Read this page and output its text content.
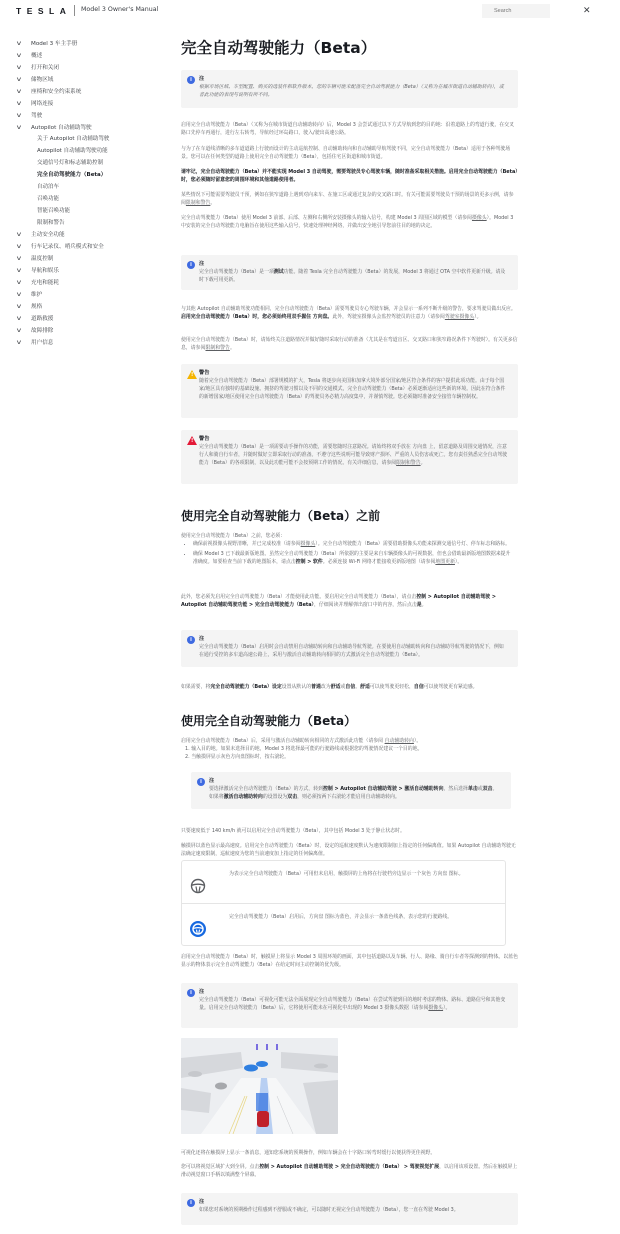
TESLA Model 3 Owner's Manual
Search	✕
v Model 3 车主手册
v 概述
v 打开和关闭
v 储物区域
v 座椅和安全约束系统
v 网络连接
v 驾驶
v Autopilot 自动辅助驾驶
关于 Autopilot 自动辅助驾驶
Autopilot 自动辅助驾驶功能
交通信号灯和标志辅助控制
完全自动驾驶能力（Beta）
自动泊车
召唤功能
智能召唤功能
限制和警告
v 主动安全功能
v 行车记录仪、哨兵模式和安全
v 温度控制
v 导航和娱乐
v 充电和能耗
v 维护
v 规格
v 道路救援
v 故障排除
v 用户信息
完全自动驾驶能力（Beta）
i	注
根据市场区域、车型配置、购买的选装件和软件版本，您的车辆可能未配备完全自动驾驶能力（Beta）（又称为在城市街道自动辅助转向），或者此功能的表现与说明有所不同。

启用完全自动驾驶能力（Beta）（又称为在城市街道自动辅助转向）后，Model 3 会尝试通过以下方式导航到您的目的地：沿着道路上的弯道行驶，在交叉路口先停车再通行，进行左右转弯，导航经过环岛路口，驶入/驶出高速公路。

与为了在车道线清晰的多车道道路上行驶而设计的主动巡航控制、自动辅助转向和自动辅助导航驾驶不同，完全自动驾驶能力（Beta）适用于各种驾驶场景。您可以在任何类型的道路上使用完全自动驾驶能力（Beta），包括住宅区街道和城市街道。

请牢记，完全自动驾驶能力（Beta）并不能实现 Model 3 自动驾驶，需要驾驶员专心驾驶车辆，随时准备采取相关措施。启用完全自动驾驶能力（Beta）时，您必须随时留意您的周围环境和其他道路使用者。

某些情况下可能需要驾驶员干预，例如在狭窄道路上遇到对向来车、在施工区或通过复杂的交叉路口时。有关可能需要驾驶员干预的场景的更多示例，请参阅限制和警告。

完全自动驾驶能力（Beta）使用 Model 3 前部、后部、左侧和右侧所安装摄像头的输入信号，构建 Model 3 周围区域的模型（请参阅摄像头）。Model 3 中安装的完全自动驾驶能力电脑旨在使用这些输入信号，快速处理神经网络，并做出安全地引导您前往目的地的决定。

i	注
完全自动驾驶能力（Beta）是一项测试功能。随着 Tesla 完全自动驾驶能力（Beta）的发展，Model 3 将通过 OTA 空中软件更新升级。请及时下载可用更新。

与其他 Autopilot 自动辅助驾驶功能相同，完全自动驾驶能力（Beta）需要驾驶员专心驾驶车辆，并会显示一系列不断升级的警告，要求驾驶员做出反应。启用完全自动驾驶能力（Beta）时，您必须始终用双手握住 方向盘。此外，驾驶室摄像头会监控驾驶员的注意力（请参阅驾驶室摄像头）。

使用完全自动驾驶能力（Beta）时，请始终关注道路情况并做好随时采取行动的准备（尤其是在弯道盲区、交叉路口和狭窄路况条件下驾驶时）。有关更多信息，请参阅限制和警告。

! 警告
随着完全自动驾驶能力（Beta）部署规模的扩大，Tesla 将逐步向美国和加拿大境外部分国家/地区符合条件的客户提供此项功能。由于每个国家/地区具有独特的基础设施、拥挤的驾驶习惯以及不同的交通模式，完全自动驾驶能力（Beta）必须逐渐适应这些新的环境。因此在符合条件的新增国家/地区使用完全自动驾驶能力（Beta）的驾驶员务必精力高度集中，并谨慎驾驶。您必须随时准备安全接管车辆控制权。
! 警告
完全自动驾驶能力（Beta）是一项需要动手操作的功能，需要您随时注意路况。请始终将双手放在 方向盘 上，留意道路及周围交通情况，注意行人和骑自行车者，并随时做好立即采取行动的准备。不遵守这些说明可能导致财产损坏、严重的人员伤害或死亡。您有责任熟悉完全自动驾驶能力（Beta）的各项限制，以及此功能可能不会按预期工作的情况。有关详细信息，请参阅限制和警告。
使用完全自动驾驶能力（Beta）之前

使用完全自动驾驶能力（Beta）之前，您必须：

• 确保前视摄像头视野清晰，并已完成校准（请参阅摄像头）。完全自动驾驶能力（Beta）需要借助摄像头功能来探测交通信号灯、停车标志和路标。
• 确保 Model 3 已下载最新版地图。虽然完全自动驾驶能力（Beta）所依据的主要是来自车辆摄像头的可视数据，但也会借助最新版地图数据来提升准确度。如要检查当前下载的地图版本，请点击控制 > 软件。必须连接 Wi-Fi 网络才能接收更新版地图（请参阅地图更新）。

此外，您必须先启用完全自动驾驶能力（Beta）才能使用此功能。要启用完全自动驾驶能力（Beta），请点击控制 > Autopilot 自动辅助驾驶 > Autopilot 自动辅助驾驶功能 > 完全自动驾驶能力（Beta），仔细阅读并理解弹出窗口中的内容，然后点击是。

i	注
完全自动驾驶能力（Beta）启用时会自动禁用自动辅助转向和自动辅助导航驾驶。在要使用自动辅助转向和自动辅助导航驾驶的情况下，例如在通行受控的多车道高速公路上，采用与激活自动辅助转向相同的方式激活完全自动驾驶能力（Beta）。

如果需要，将完全自动驾驶能力（Beta）设定设置从默认的普通改为舒适或自信。舒适可以使驾驶更轻松，自信可以使驾驶更有紧迫感。

使用完全自动驾驶能力（Beta）

启用完全自动驾驶能力（Beta）后，采用与激活自动辅助转向相同的方式激活此功能（请参阅 自动辅助转向）。

1. 输入目的地。如果未选择目的地，Model 3 将选择最可能的行驶路线或根据您的驾驶情况建议一个目的地。

2. 当触摸屏显示灰色方向盘图标时，按右滚轮。

i	注
要选择激活完全自动驾驶能力（Beta）的方式，转到控制 > Autopilot 自动辅助驾驶 > 激活自动辅助转向，然后选择单击或双击。如果将激活自动辅助转向的设置设为双击，则必须按两下右滚轮才能启用自动辅助转向。

只要速度低于 140 km/h 就可以启用完全自动驾驶能力（Beta），其中包括 Model 3 处于静止状态时。

触摸屏以蓝色显示最高速度。启用完全自动驾驶能力（Beta）时，设定的巡航速度默认为速度限制加上指定的任何偏离值。如果 Autopilot 自动辅助驾驶无法确定速度限制，巡航速度为您的当前速度加上指定的任何偏离值。

为表示完全自动驾驶能力（Beta）可用但未启用，触摸屏的上角将在行驶档旁边显示一个灰色 方向盘 图标。
完全自动驾驶能力（Beta）启用后，方向盘 图标为蓝色，并会显示一条蓝色线条，表示您的行驶路线。

启用完全自动驾驶能力（Beta）时，触摸屏上将显示 Model 3 周围环境的画面，其中包括道路以及车辆、行人、路缘、骑自行车者等探测到的物体。以蓝色显示的物体表示完全自动驾驶能力（Beta）在给定时间主动控制的优先级。

i	注
完全自动驾驶能力（Beta）可视化可能无法全面展现完全自动驾驶能力（Beta）在尝试驾驶到目的地时考虑的物体、路标、道路信号和其他变量。启用完全自动驾驶能力（Beta）后，它将使用可能未在可视化中出现的 Model 3 摄像头数据（请参阅摄像头）。

可视化还将在触摸屏上显示一条消息，通知您系统的预期操作，例如车辆会在十字路口转弯时缓行以便获得更佳视野。

您可以将视觉区域扩大到全屏。点击控制 > Autopilot 自动辅助驾驶 > 完全自动驾驶能力（Beta） > 驾驶视觉扩展，以启用该项设置。然后在触摸屏上滑动视觉窗口手柄以填满整个屏幕。

i	注
如果您对系统的预期操作过程感到不舒服或不确定，可以随时无视完全自动驾驶能力（Beta），您一直在驾驶 Model 3。
